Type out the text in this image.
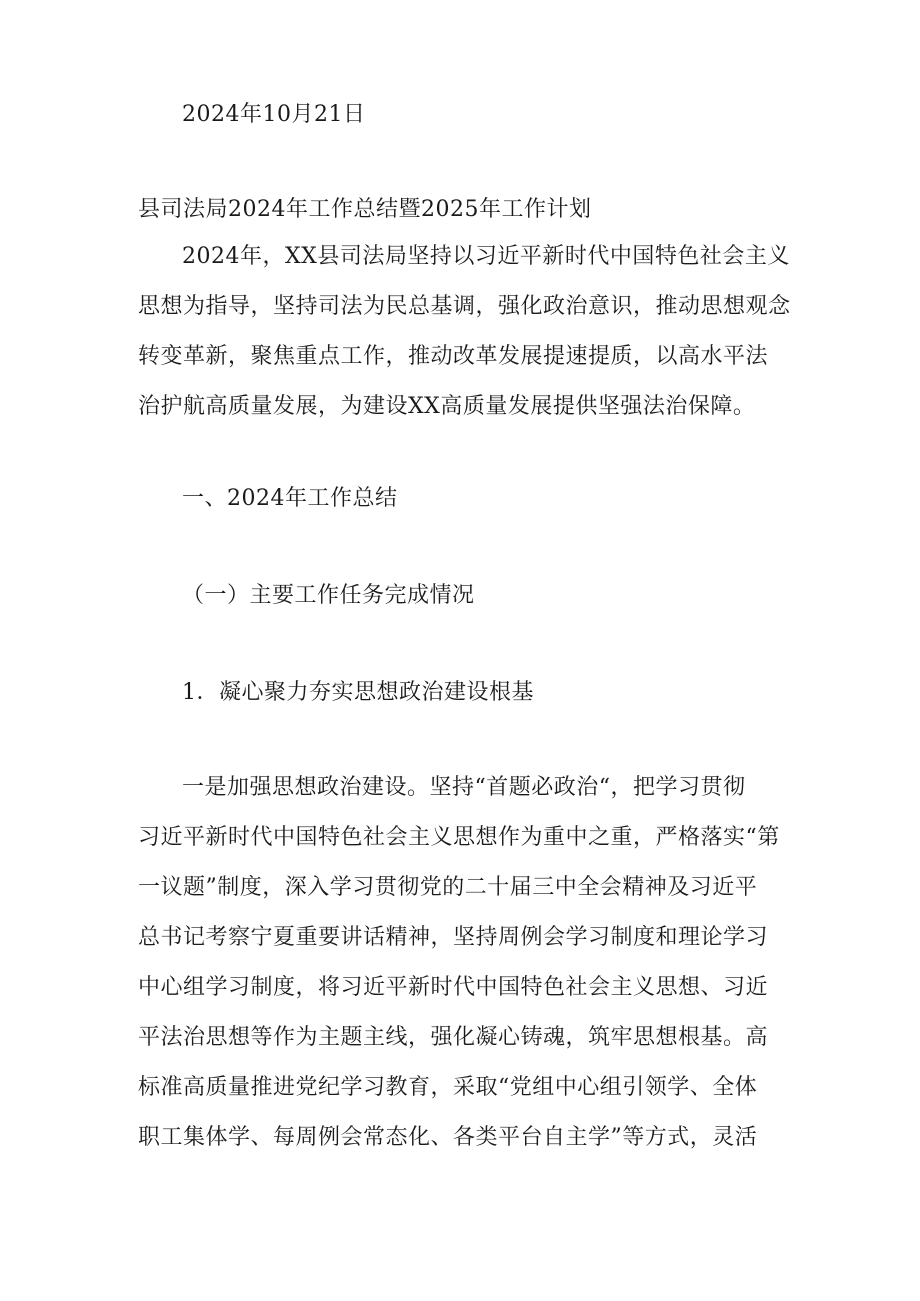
2024年10月21日
县司法局2024年工作总结暨2025年工作计划
2024年，XX县司法局坚持以习近平新时代中国特色社会主义
思想为指导，坚持司法为民总基调，强化政治意识，推动思想观念
转变革新，聚焦重点工作，推动改革发展提速提质，以高水平法
治护航高质量发展，为建设XX高质量发展提供坚强法治保障。
一、2024年工作总结
（一）主要工作任务完成情况
1．凝心聚力夯实思想政治建设根基
一是加强思想政治建设。坚持“首题必政治“，把学习贯彻
习近平新时代中国特色社会主义思想作为重中之重，严格落实“第
一议题”制度，深入学习贯彻党的二十届三中全会精神及习近平
总书记考察宁夏重要讲话精神，坚持周例会学习制度和理论学习
中心组学习制度，将习近平新时代中国特色社会主义思想、习近
平法治思想等作为主题主线，强化凝心铸魂，筑牢思想根基。高
标准高质量推进党纪学习教育，采取“党组中心组引领学、全体
职工集体学、每周例会常态化、各类平台自主学”等方式，灵活
